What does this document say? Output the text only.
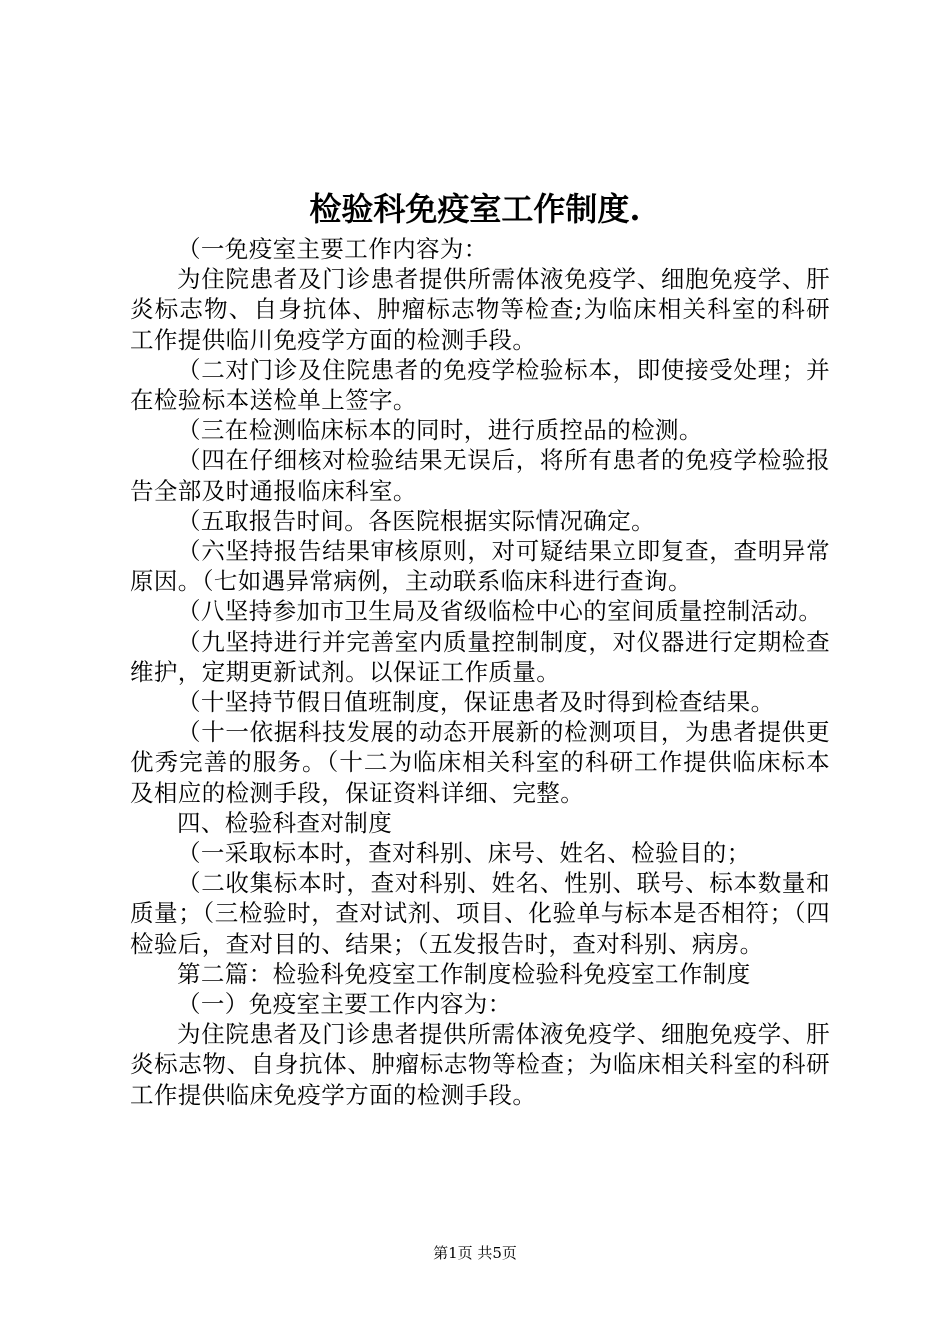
检验科免疫室工作制度.

（一免疫室主要工作内容为：

为住院患者及门诊患者提供所需体液免疫学、细胞免疫学、肝炎标志物、自身抗体、肿瘤标志物等检查;为临床相关科室的科研工作提供临川免疫学方面的检测手段。

（二对门诊及住院患者的免疫学检验标本，即使接受处理；并在检验标本送检单上签字。

（三在检测临床标本的同时，进行质控品的检测。

（四在仔细核对检验结果无误后，将所有患者的免疫学检验报告全部及时通报临床科室。

（五取报告时间。各医院根据实际情况确定。

（六坚持报告结果审核原则，对可疑结果立即复查，查明异常原因。（七如遇异常病例，主动联系临床科进行查询。

（八坚持参加市卫生局及省级临检中心的室间质量控制活动。

（九坚持进行并完善室内质量控制制度，对仪器进行定期检查维护，定期更新试剂。以保证工作质量。

（十坚持节假日值班制度，保证患者及时得到检查结果。

（十一依据科技发展的动态开展新的检测项目，为患者提供更优秀完善的服务。（十二为临床相关科室的科研工作提供临床标本及相应的检测手段，保证资料详细、完整。

四、检验科查对制度

（一采取标本时，查对科别、床号、姓名、检验目的；

（二收集标本时，查对科别、姓名、性别、联号、标本数量和质量；（三检验时，查对试剂、项目、化验单与标本是否相符；（四检验后，查对目的、结果；（五发报告时，查对科别、病房。

第二篇：检验科免疫室工作制度检验科免疫室工作制度

（一）免疫室主要工作内容为：

为住院患者及门诊患者提供所需体液免疫学、细胞免疫学、肝炎标志物、自身抗体、肿瘤标志物等检查；为临床相关科室的科研工作提供临床免疫学方面的检测手段。

第1页 共5页
